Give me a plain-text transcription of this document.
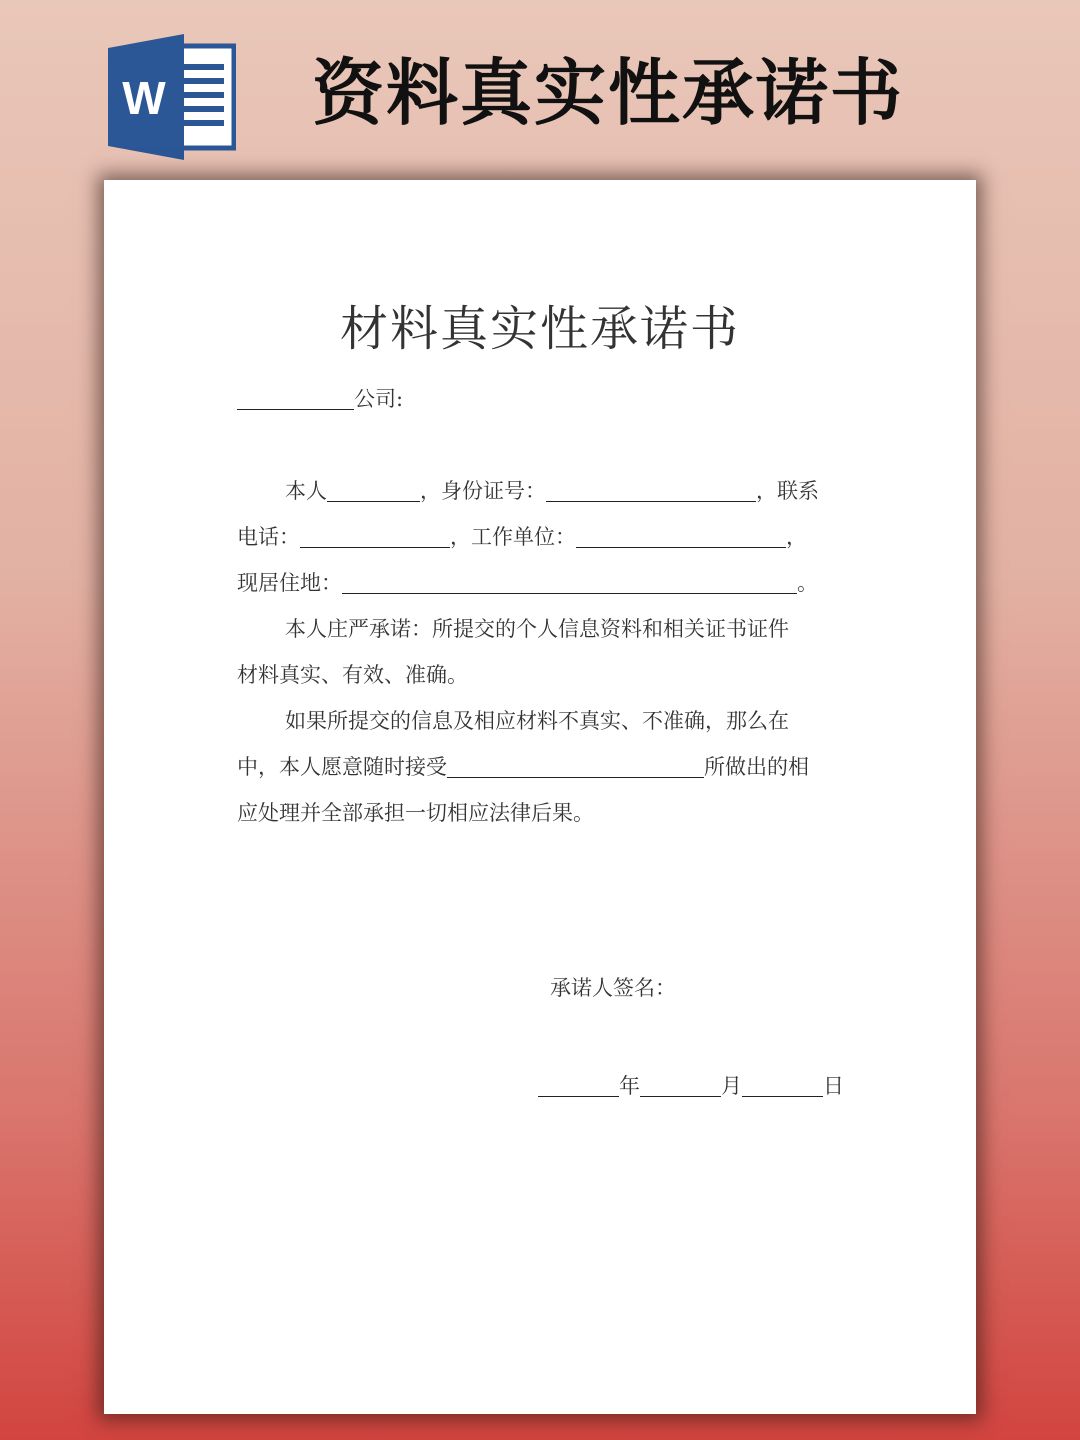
W 资料真实性承诺书
材料真实性承诺书
公司:
本人	，身份证号：	，联系
电话：	，工作单位：	，
现居住地：	。
本人庄严承诺：所提交的个人信息资料和相关证书证件
材料真实、有效、准确。
如果所提交的信息及相应材料不真实、不准确，那么在
中，本人愿意随时接受	所做出的相
应处理并全部承担一切相应法律后果。
承诺人签名：
年	月	日
